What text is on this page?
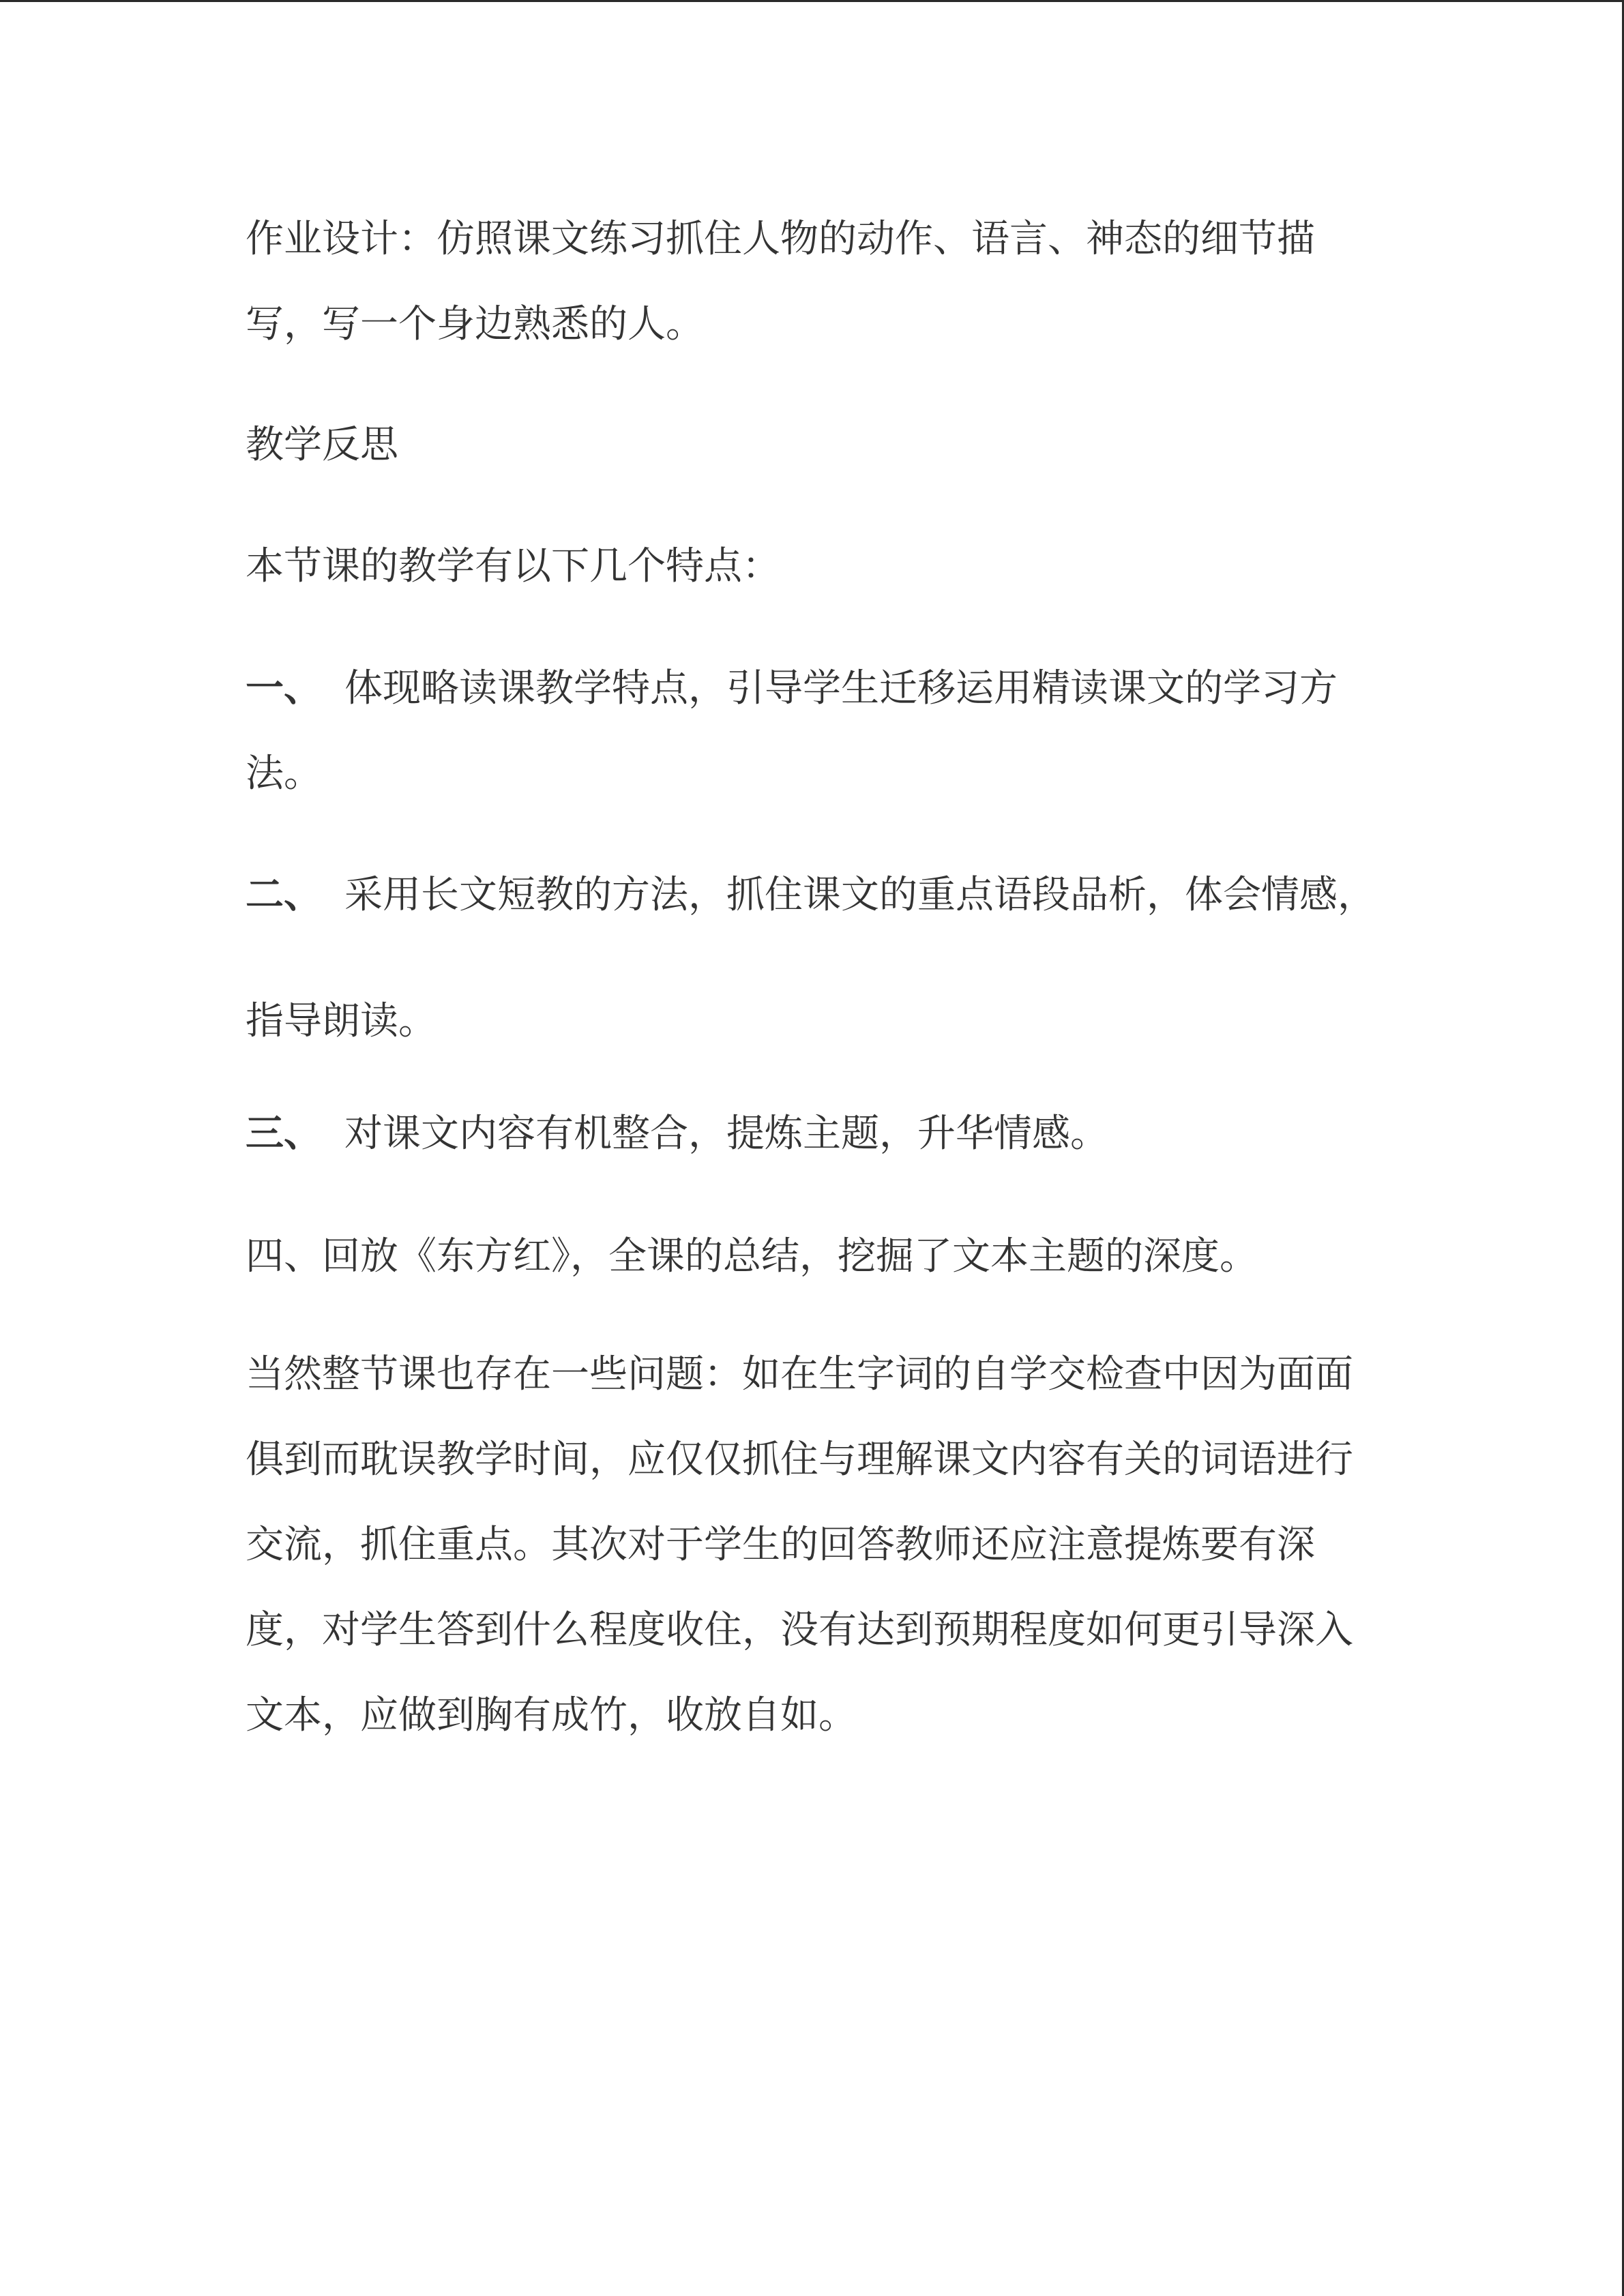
作业设计：仿照课文练习抓住人物的动作、语言、神态的细节描
写，写一个身边熟悉的人。
教学反思
本节课的教学有以下几个特点：
一、 体现略读课教学特点，引导学生迁移运用精读课文的学习方
法。
二、 采用长文短教的方法，抓住课文的重点语段品析，体会情感，
指导朗读。
三、 对课文内容有机整合，提炼主题，升华情感。
四、回放《东方红》，全课的总结，挖掘了文本主题的深度。
当然整节课也存在一些问题：如在生字词的自学交检查中因为面面
俱到而耽误教学时间，应仅仅抓住与理解课文内容有关的词语进行
交流，抓住重点。其次对于学生的回答教师还应注意提炼要有深
度，对学生答到什么程度收住，没有达到预期程度如何更引导深入
文本，应做到胸有成竹，收放自如。
